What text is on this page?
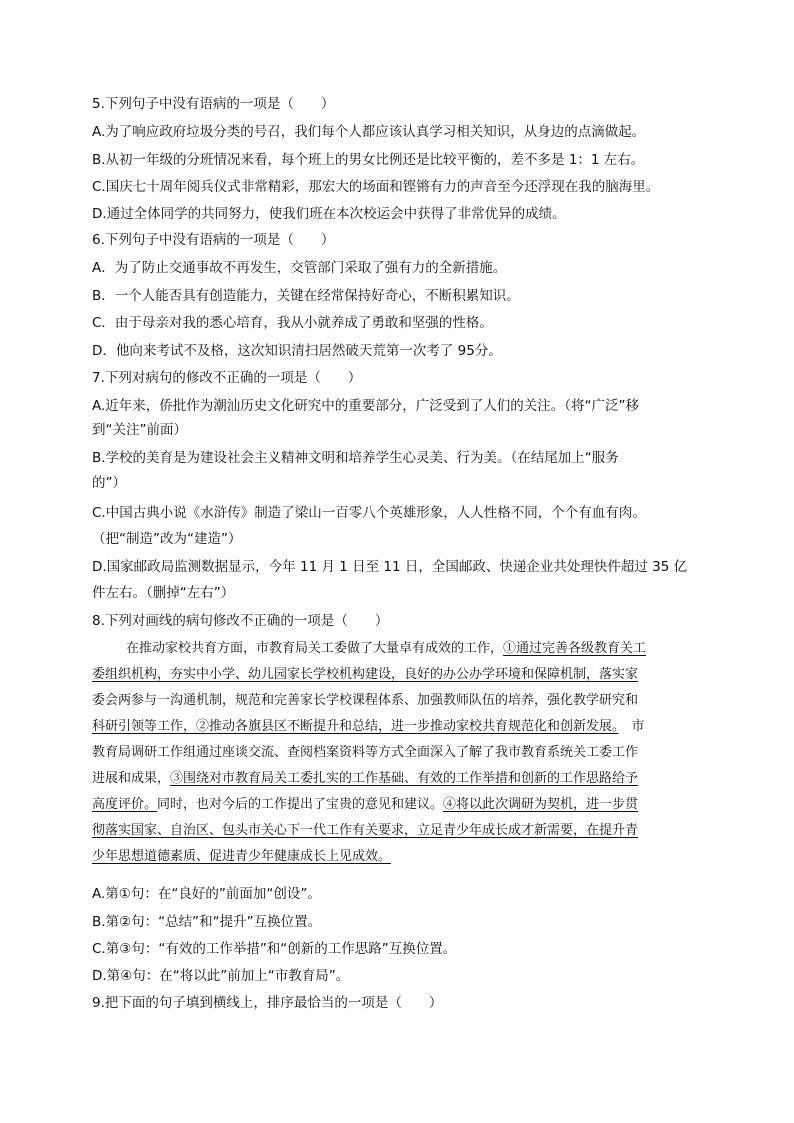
5.下列句子中没有语病的一项是（　　）
A.为了响应政府垃圾分类的号召，我们每个人都应该认真学习相关知识，从身边的点滴做起。
B.从初一年级的分班情况来看，每个班上的男女比例还是比较平衡的，差不多是 1：1 左右。
C.国庆七十周年阅兵仪式非常精彩，那宏大的场面和铿锵有力的声音至今还浮现在我的脑海里。
D.通过全体同学的共同努力，使我们班在本次校运会中获得了非常优异的成绩。
6.下列句子中没有语病的一项是（　　）
A．为了防止交通事故不再发生，交管部门采取了强有力的全新措施。
B．一个人能否具有创造能力，关键在经常保持好奇心，不断积累知识。
C．由于母亲对我的悉心培育，我从小就养成了勇敢和坚强的性格。
D．他向来考试不及格，这次知识清扫居然破天荒第一次考了 95分。
7.下列对病句的修改不正确的一项是（　　）
A.近年来，侨批作为潮汕历史文化研究中的重要部分，广泛受到了人们的关注。（将“广泛”移
到“关注”前面）
B.学校的美育是为建设社会主义精神文明和培养学生心灵美、行为美。（在结尾加上“服务
的”）
C.中国古典小说《水浒传》制造了梁山一百零八个英雄形象，人人性格不同，个个有血有肉。
（把“制造”改为“建造”）
D.国家邮政局监测数据显示，今年 11 月 1 日至 11 日，全国邮政、快递企业共处理快件超过 35 亿
件左右。（删掉“左右”）
8.下列对画线的病句修改不正确的一项是（　　）
在推动家校共育方面，市教育局关工委做了大量卓有成效的工作，①通过完善各级教育关工
委组织机构，夯实中小学、幼儿园家长学校机构建设，良好的办公办学环境和保障机制，落实家
委会两参与一沟通机制，规范和完善家长学校课程体系、加强教师队伍的培养，强化教学研究和
科研引领等工作，②推动各旗县区不断提升和总结，进一步推动家校共育规范化和创新发展。　市
教育局调研工作组通过座谈交流、查阅档案资料等方式全面深入了解了我市教育系统关工委工作
进展和成果，③围绕对市教育局关工委扎实的工作基础、有效的工作举措和创新的工作思路给予
高度评价。同时，也对今后的工作提出了宝贵的意见和建议。④将以此次调研为契机，进一步贯
彻落实国家、自治区、包头市关心下一代工作有关要求，立足青少年成长成才新需要，在提升青
少年思想道德素质、促进青少年健康成长上见成效。
A.第①句：在“良好的”前面加“创设”。
B.第②句：“总结”和“提升”互换位置。
C.第③句：“有效的工作举措”和“创新的工作思路”互换位置。
D.第④句：在“将以此”前加上“市教育局”。
9.把下面的句子填到横线上，排序最恰当的一项是（　　）
